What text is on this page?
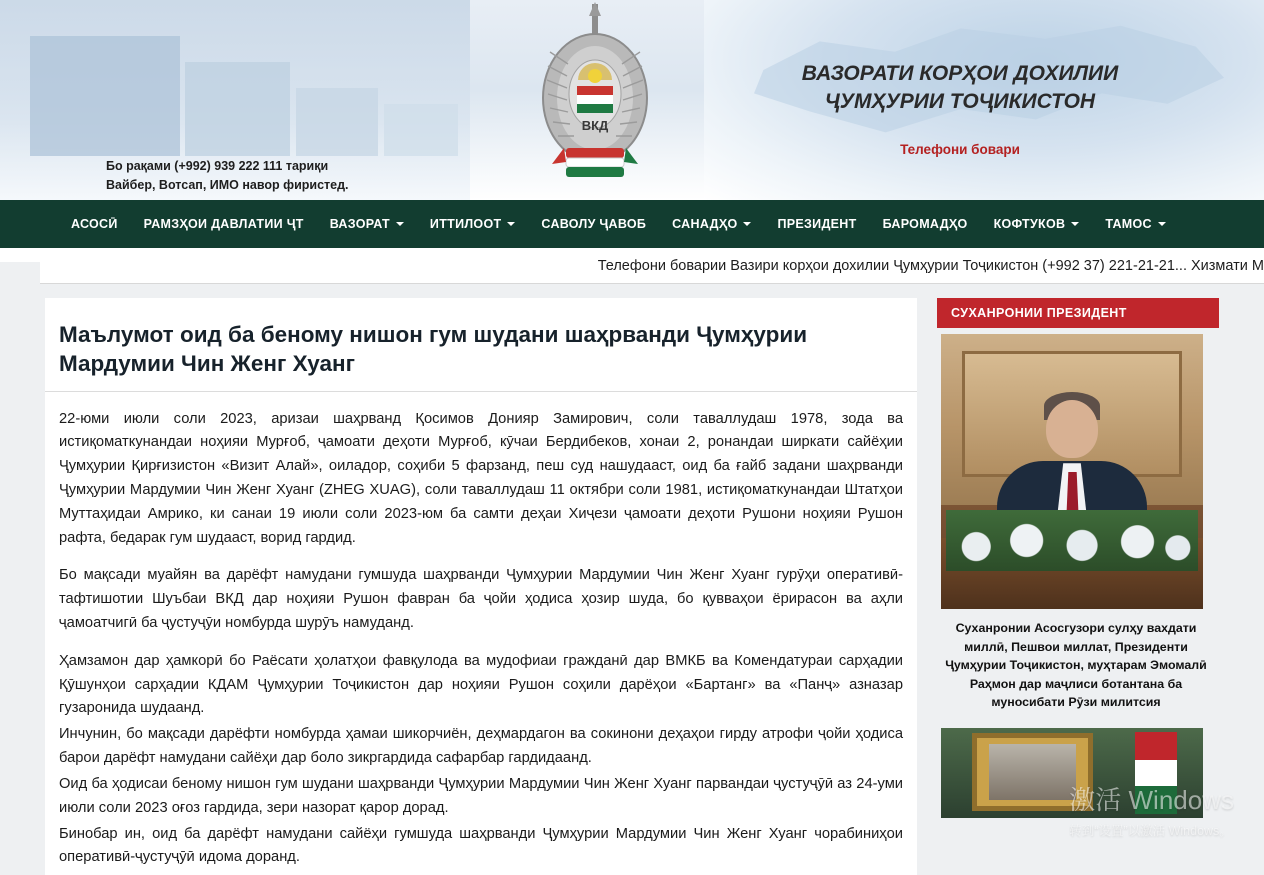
ВКД
ВАЗОРАТИ КОРҲОИ ДОХИЛИИ
ҶУМҲУРИИ ТОҶИКИСТОН
Телефони бовари
Бо рақами (+992) 939 222 111 тариқи
Вайбер, Вотсап, ИМО навор фиристед.
АСОСӢ РАМЗҲОИ ДАВЛАТИИ ҶТ ВАЗОРАТ	ИТТИЛООТ	САВОЛУ ҶАВОБ САНАДҲО	ПРЕЗИДЕНТ БАРОМАДҲО КОФТУКОВ	ТАМОС
Телефони боварии Вазири корҳои дохилии Ҷумҳурии Тоҷикистон (+992 37) 221-21-21... Хизмати М
Маълумот оид ба беному нишон гум шудани шаҳрванди Ҷумҳурии Мардумии Чин Женг Хуанг

22-юми июли соли 2023, аризаи шаҳрванд Қосимов Донияр Замирович, соли таваллудаш 1978, зода ва истиқоматкунандаи ноҳияи Мурғоб, ҷамоати деҳоти Мурғоб, кӯчаи Бердибеков, хонаи 2, ронандаи ширкати сайёҳии Ҷумҳурии Қирғизистон «Визит Алай», оиладор, соҳиби 5 фарзанд, пеш суд нашудааст, оид ба ғайб задани шаҳрванди Ҷумҳурии Мардумии Чин Женг Хуанг (ZHEG XUAG), соли таваллудаш 11 октябри соли 1981, истиқоматкунандаи Штатҳои Муттаҳидаи Амрико, ки санаи 19 июли соли 2023-юм ба самти деҳаи Хиҷези ҷамоати деҳоти Рушони ноҳияи Рушон рафта, бедарак гум шудааст, ворид гардид.

Бо мақсади муайян ва дарёфт намудани гумшуда шаҳрванди Ҷумҳурии Мардумии Чин Женг Хуанг гурӯҳи оперативӣ-тафтишотии Шуъбаи ВКД дар ноҳияи Рушон фавран ба ҷойи ҳодиса ҳозир шуда, бо қувваҳои ёрирасон ва аҳли ҷамоатчигӣ ба ҷустуҷӯи номбурда шурӯъ намуданд.

Ҳамзамон дар ҳамкорӣ бо Раёсати ҳолатҳои фавқулода ва мудофиаи гражданӣ дар ВМКБ ва Комендатураи сарҳадии Қӯшунҳои сарҳадии КДАМ Ҷумҳурии Тоҷикистон дар ноҳияи Рушон соҳили дарёҳои «Бартанг» ва «Панҷ» азназар гузаронида шудаанд.

Инчунин, бо мақсади дарёфти номбурда ҳамаи шикорчиён, деҳмардагон ва сокинони деҳаҳои гирду атрофи ҷойи ҳодиса барои дарёфт намудани сайёҳи дар боло зикргардида сафарбар гардидаанд.

Оид ба ҳодисаи беному нишон гум шудани шаҳрванди Ҷумҳурии Мардумии Чин Женг Хуанг парвандаи ҷустуҷӯӣ аз 24-уми июли соли 2023 оғоз гардида, зери назорат қарор дорад.

Бинобар ин, оид ба дарёфт намудани сайёҳи гумшуда шаҳрванди Ҷумҳурии Мардумии Чин Женг Хуанг чорабиниҳои оперативӣ-ҷустуҷӯӣ идома доранд.

СУХАНРОНИИ ПРЕЗИДЕНТ
Суханронии Асосгузори сулҳу вахдати миллӣ, Пешвои миллат, Президенти Ҷумҳурии Тоҷикистон, муҳтарам Эмомалӣ Раҳмон дар маҷлиси ботантана ба муносибати Рӯзи милитсия
激活 Windows
转到“设置”以激活 Windows。
